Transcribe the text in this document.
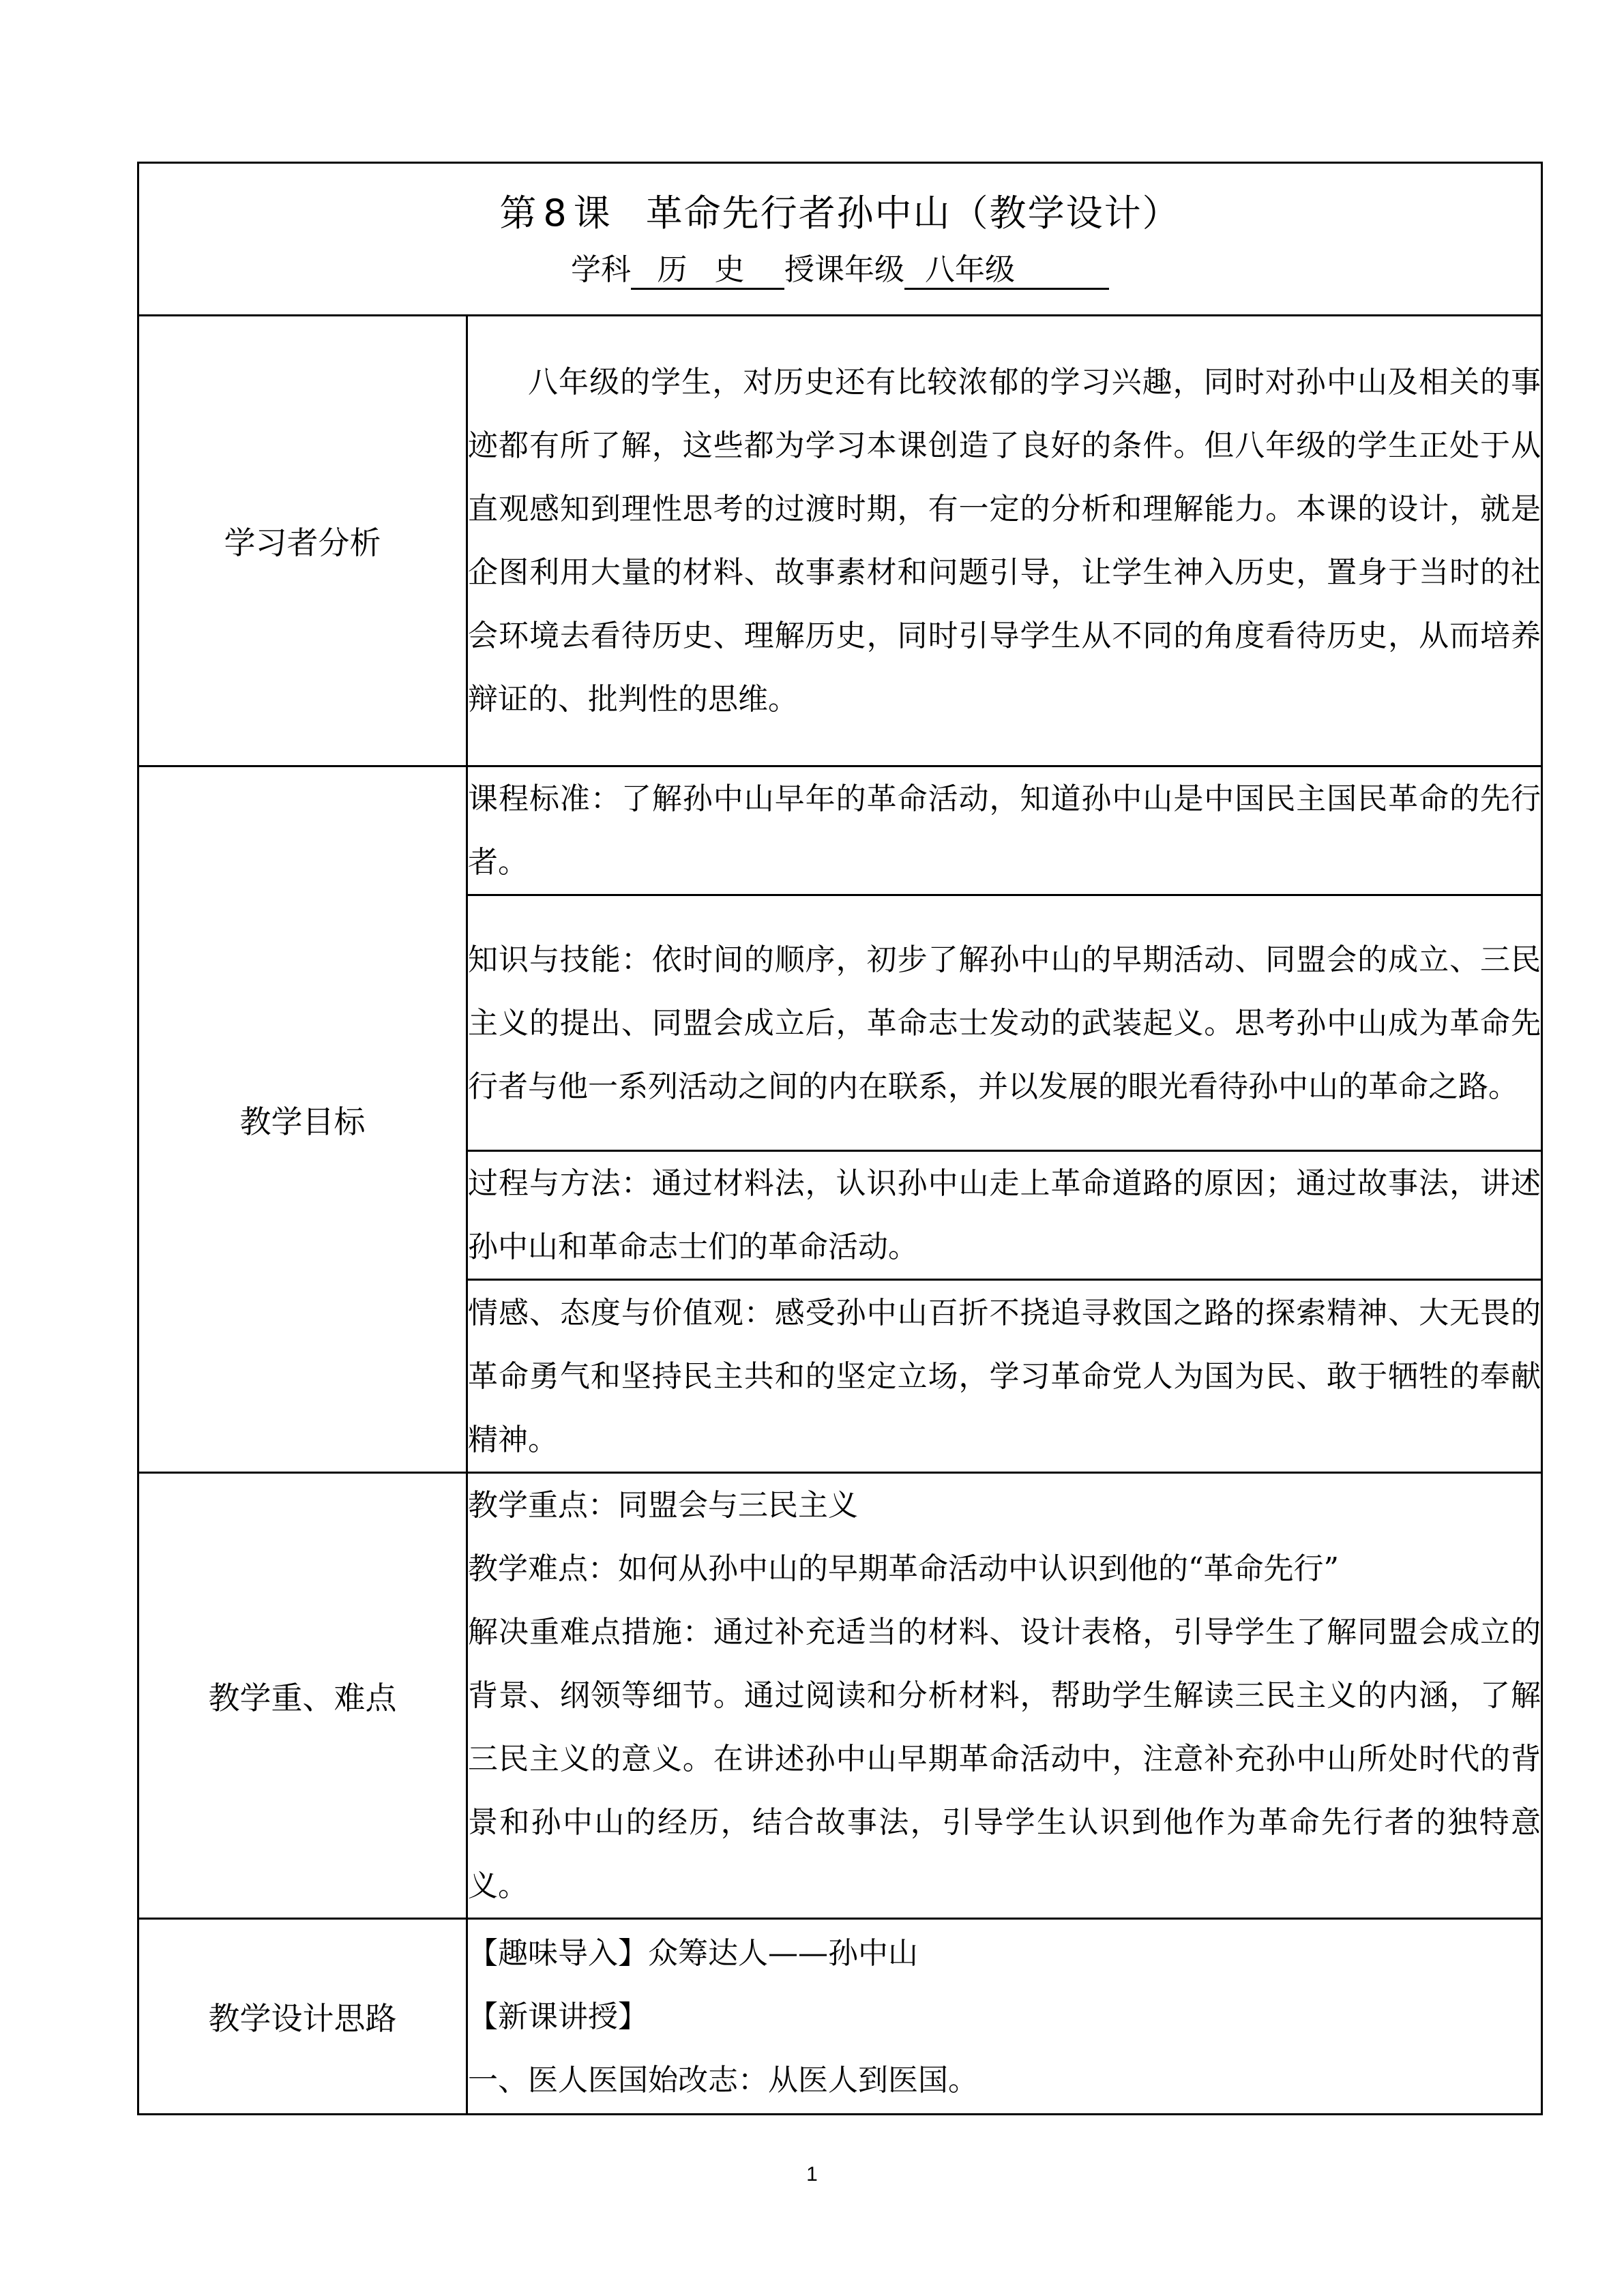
第 8 课 革命先行者孙中山（教学设计）
学科 历史 授课年级 八年级	

学习者分析	八年级的学生，对历史还有比较浓郁的学习兴趣，同时对孙中山及相关的事迹都有所了解，这些都为学习本课创造了良好的条件。但八年级的学生正处于从直观感知到理性思考的过渡时期，有一定的分析和理解能力。本课的设计，就是企图利用大量的材料、故事素材和问题引导，让学生神入历史，置身于当时的社会环境去看待历史、理解历史，同时引导学生从不同的角度看待历史，从而培养辩证的、批判性的思维。
教学目标	课程标准：了解孙中山早年的革命活动，知道孙中山是中国民主国民革命的先行者。
	知识与技能：依时间的顺序，初步了解孙中山的早期活动、同盟会的成立、三民主义的提出、同盟会成立后，革命志士发动的武装起义。思考孙中山成为革命先行者与他一系列活动之间的内在联系，并以发展的眼光看待孙中山的革命之路。
	过程与方法：通过材料法，认识孙中山走上革命道路的原因；通过故事法，讲述孙中山和革命志士们的革命活动。
	情感、态度与价值观：感受孙中山百折不挠追寻救国之路的探索精神、大无畏的革命勇气和坚持民主共和的坚定立场，学习革命党人为国为民、敢于牺牲的奉献精神。
教学重、难点	教学重点：同盟会与三民主义

教学难点：如何从孙中山的早期革命活动中认识到他的“革命先行”

解决重难点措施：通过补充适当的材料、设计表格，引导学生了解同盟会成立的背景、纲领等细节。通过阅读和分析材料，帮助学生解读三民主义的内涵，了解三民主义的意义。在讲述孙中山早期革命活动中，注意补充孙中山所处时代的背景和孙中山的经历，结合故事法，引导学生认识到他作为革命先行者的独特意义。

教学设计思路	【趣味导入】众筹达人——孙中山

【新课讲授】

一、医人医国始改志：从医人到医国。

1
